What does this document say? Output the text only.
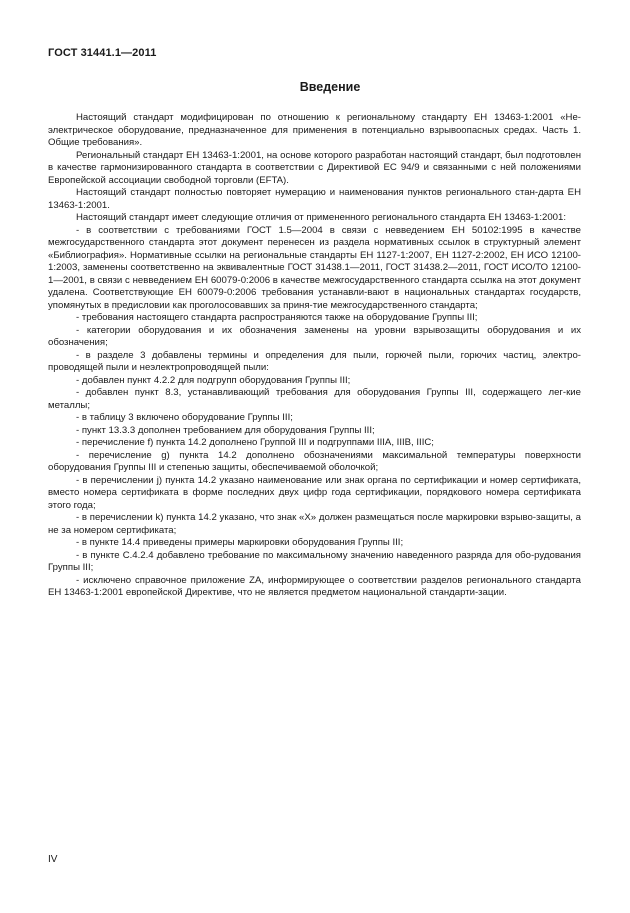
ГОСТ 31441.1—2011
Введение

Настоящий стандарт модифицирован по отношению к региональному стандарту ЕН 13463-1:2001 «Не-электрическое оборудование, предназначенное для применения в потенциально взрывоопасных средах. Часть 1. Общие требования».

Региональный стандарт ЕН 13463-1:2001, на основе которого разработан настоящий стандарт, был подготовлен в качестве гармонизированного стандарта в соответствии с Директивой ЕС 94/9 и связанными с ней положениями Европейской ассоциации свободной торговли (EFTA).

Настоящий стандарт полностью повторяет нумерацию и наименования пунктов регионального стан-дарта ЕН 13463-1:2001.

Настоящий стандарт имеет следующие отличия от примененного регионального стандарта ЕН 13463-1:2001:

- в соответствии с требованиями ГОСТ 1.5—2004 в связи с невведением ЕН 50102:1995 в качестве межгосударственного стандарта этот документ перенесен из раздела нормативных ссылок в структурный элемент «Библиография». Нормативные ссылки на региональные стандарты ЕН 1127-1:2007, ЕН 1127-2:2002, ЕН ИСО 12100-1:2003, заменены соответственно на эквивалентные ГОСТ 31438.1—2011, ГОСТ 31438.2—2011, ГОСТ ИСО/ТО 12100-1—2001, в связи с невведением ЕН 60079-0:2006 в качестве межгосударственного стандарта ссылка на этот документ удалена. Соответствующие ЕН 60079-0:2006 требования устанавли-вают в национальных стандартах государств, упомянутых в предисловии как проголосовавших за приня-тие межгосударственного стандарта;

- требования настоящего стандарта распространяются также на оборудование Группы III;

- категории оборудования и их обозначения заменены на уровни взрывозащиты оборудования и их обозначения;

- в разделе 3 добавлены термины и определения для пыли, горючей пыли, горючих частиц, электро-проводящей пыли и неэлектропроводящей пыли:

- добавлен пункт 4.2.2 для подгрупп оборудования Группы III;

- добавлен пункт 8.3, устанавливающий требования для оборудования Группы III, содержащего лег-кие металлы;

- в таблицу 3 включено оборудование Группы III;

- пункт 13.3.3 дополнен требованием для оборудования Группы III;

- перечисление f) пункта 14.2 дополнено Группой III и подгруппами IIIA, IIIB, IIIC;

- перечисление g) пункта 14.2 дополнено обозначениями максимальной температуры поверхности оборудования Группы III и степенью защиты, обеспечиваемой оболочкой;

- в перечислении j) пункта 14.2 указано наименование или знак органа по сертификации и номер сертификата, вместо номера сертификата в форме последних двух цифр года сертификации, порядкового номера сертификата этого года;

- в перечислении k) пункта 14.2 указано, что знак «X» должен размещаться после маркировки взрыво-защиты, а не за номером сертификата;

- в пункте 14.4 приведены примеры маркировки оборудования Группы III;

- в пункте C.4.2.4 добавлено требование по максимальному значению наведенного разряда для обо-рудования Группы III;

- исключено справочное приложение ZA, информирующее о соответствии разделов регионального стандарта ЕН 13463-1:2001 европейской Директиве, что не является предметом национальной стандарти-зации.

IV
